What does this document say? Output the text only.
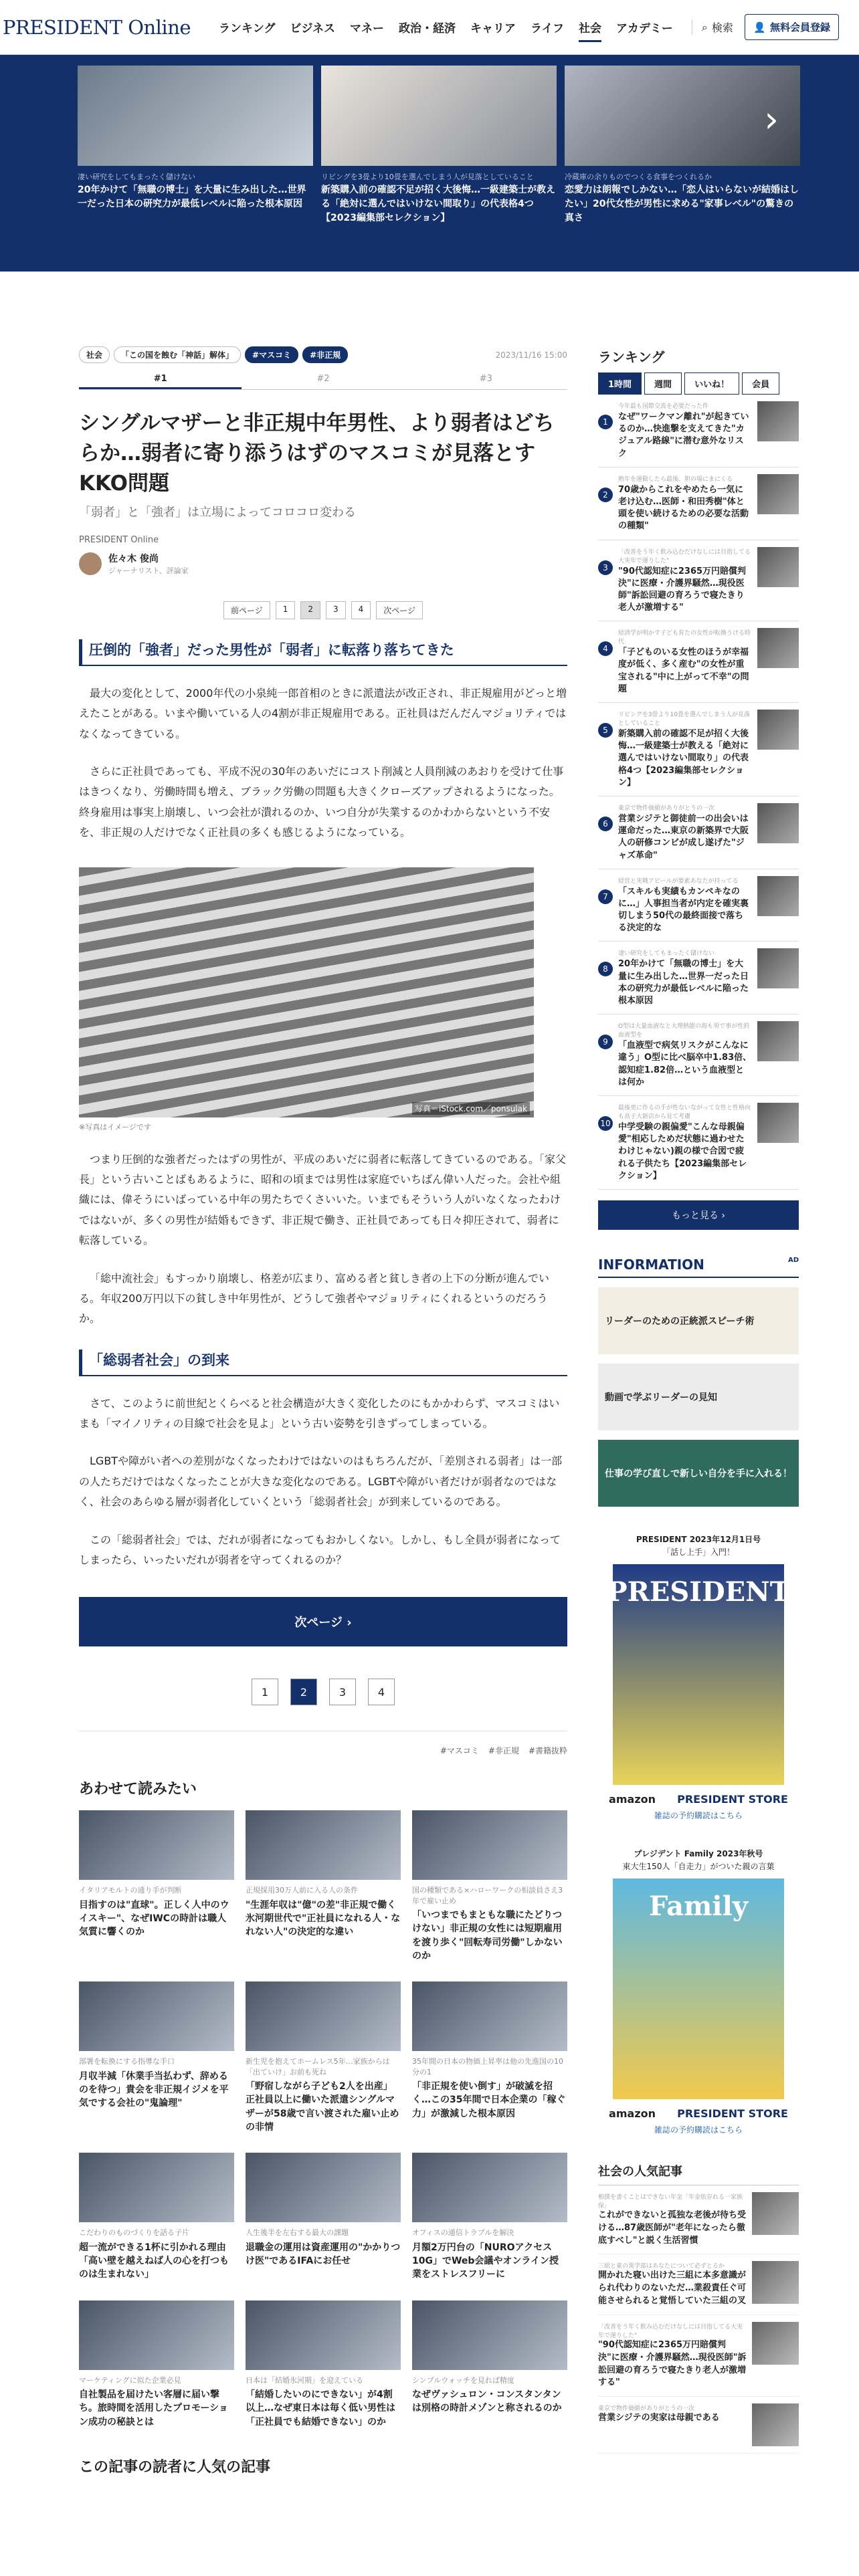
PRESIDENT Online ランキング ビジネス マネー 政治・経済 キャリア ライフ 社会 アカデミー	⌕ 検索 👤 無料会員登録
凄い研究をしてもまったく儲けない
20年かけて「無職の博士」を大量に生み出した…世界一だった日本の研究力が最低レベルに陥った根本原因
リビングを3畳より10畳を選んでしまう人が見落としていること
新築購入前の確認不足が招く大後悔…一級建築士が教える「絶対に選んではいけない間取り」の代表格4つ【2023編集部セレクション】
冷蔵庫の余りものでつくる食事をつくれるか
恋愛力は朗報でしかない…「恋人はいらないが結婚はしたい」20代女性が男性に求める"家事レベル"の驚きの真さ
›
社会	「この国を蝕む「神話」解体」	#マスコミ	#非正規	2023/11/16 15:00
#1	#2	#3
シングルマザーと非正規中年男性、より弱者はどちらか…弱者に寄り添うはずのマスコミが見落とすKKO問題
「弱者」と「強者」は立場によってコロコロ変わる
PRESIDENT Online
佐々木 俊尚
ジャーナリスト、評論家
前ページ	1	2	3	4	次ページ
圧倒的「強者」だった男性が「弱者」に転落り落ちてきた

最大の変化として、2000年代の小泉純一郎首相のときに派遣法が改正され、非正規雇用がどっと増えたことがある。いまや働いている人の4割が非正規雇用である。正社員はだんだんマジョリティではなくなってきている。

さらに正社員であっても、平成不況の30年のあいだにコスト削減と人員削減のあおりを受けて仕事はきつくなり、労働時間も増え、ブラック労働の問題も大きくクローズアップされるようになった。終身雇用は事実上崩壊し、いつ会社が潰れるのか、いつ自分が失業するのかわからないという不安を、非正規の人だけでなく正社員の多くも感じるようになっている。

写真＝iStock.com／ponsulak
※写真はイメージです

つまり圧倒的な強者だったはずの男性が、平成のあいだに弱者に転落してきているのである。「家父長」という古いことばもあるように、昭和の頃までは男性は家庭でいちばん偉い人だった。会社や組織には、偉そうにいばっている中年の男たちでくさいいた。いまでもそういう人がいなくなったわけではないが、多くの男性が結婚もできず、非正規で働き、正社員であっても日々抑圧されて、弱者に転落している。

「総中流社会」もすっかり崩壊し、格差が広まり、富める者と貧しき者の上下の分断が進んでいる。年収200万円以下の貧しき中年男性が、どうして強者やマジョリティにくれるというのだろうか。

「総弱者社会」の到来

さて、このように前世紀とくらべると社会構造が大きく変化したのにもかかわらず、マスコミはいまも「マイノリティの目線で社会を見よ」という古い姿勢を引きずってしまっている。

LGBTや障がい者への差別がなくなったわけではないのはもちろんだが、「差別される弱者」は一部の人たちだけではなくなったことが大きな変化なのである。LGBTや障がい者だけが弱者なのではなく、社会のあらゆる層が弱者化していくという「総弱者社会」が到来しているのである。

この「総弱者社会」では、だれが弱者になってもおかしくない。しかし、もし全員が弱者になってしまったら、いったいだれが弱者を守ってくれるのか？

次ページ ›
1	2	3	4
#マスコミ #非正規 #書籍抜粋
あわせて読みたい
イタリアモルトの通り手が判断
目指すのは"直球"。正しく人中のウイスキー"、なぜIWCの時計は職人気質に響くのか
正規採用30万人前に入る人の条件
"生涯年収は"億"の差"非正規で働く氷河期世代で"正社員になれる人・なれない人"の決定的な違い
国の種類である×ハローワークの相談員さえ3年で雇い止め
「いつまでもまともな職にたどりつけない」非正規の女性には短期雇用を渡り歩く"回転寿司労働"しかないのか
部署を転換にする指導な手口
月収半減「休業手当払わず、辞めるのを待つ」貴会を非正規イジメを平気でする会社の"鬼論理"
新生児を抱えてホームレス5年…家族からは「出ていけ」お前も死ね
「野宿しながら子ども2人を出産」正社員以上に働いた派遣シングルマザーが58歳で言い渡された雇い止めの非情
35年間の日本の物価上昇率は他の先進国の10分の1
「非正規を使い倒す」が破滅を招く…この35年間で日本企業の「稼ぐ力」が激減した根本原因
こだわりのものづくりを話る子片
超一流ができる1杯に引かれる理由「高い壁を越えねば人の心を打つものは生まれない」
人生後半を左右する最大の課題
退職金の運用は資産運用の"かかりつけ医"であるIFAにお任せ
オフィスの通信トラブルを解決
月額2万円台の「NUROアクセス 10G」でWeb会議やオンライン授業をストレスフリーに
マーケティングに似た企業必見
自社製品を届けたい客層に届い撃ち。旅時間を活用したプロモーション成功の秘訣とは
日本は「結婚氷河期」を迎えている
「結婚したいのにできない」が4割以上…なぜ東日本は毎く低い男性は「正社員でも結婚できない」のか
シンプルウォッチを見れば精度
なぜヴァシュロン・コンスタンタンは別格の時計メゾンと称されるのか
この記事の読者に人気の記事
ランキング
1時間	週間	いいね！	会員
1
今年最も国際交流を必要だった件
なぜ"ワークマン離れ"が起きているのか…快進撃を支えてきた"カジュアル路線"に潜む意外なリスク
2
熟年を運動したら最後、胆の場にまにくる
70歳からこれをやめたら一気に老け込む…医師・和田秀樹"体と頭を使い続けるための必要な活動の種類"
3
「改善をう年く飲み込むだけなしには目指してる大実年で運りした"
"90代認知症に2365万円賠償判決"に医療・介護界騒然…現役医師"訴訟回避の育ろうで寝たきり老人が激増する"
4
経済学が明かす子ども育たの女性が転換うける時代
「子どものいる女性のほうが幸福度が低く、多く産む"の女性が重宝される"中に上がって不幸"の問題
5
リビングを3畳より10畳を選んでしまう人が見落としていること
新築購入前の確認不足が招く大後悔…一級建築士が教える「絶対に選んではいけない間取り」の代表格4つ【2023編集部セレクション】
6
東京で物件価値がありがとうの一次
営業シジテと御徒前一の出会いは運命だった…東京の新築界で大阪人の研修コンビが成し遂げた"ジャズ革命"
7
経営と実戦アピールが要素あなたが持ってる
「スキルも実績もカンペキなのに…」人事担当者が内定を確実裏切しまう50代の最終面接で落ちる決定的な
8
凄い研究をしてもまったく儲けない
20年かけて「無職の博士」を大量に生み出した…世界一だった日本の研究力が最低レベルに陥った根本原因
9
O型は大量血液なと大理熱能の海も男で事が性的血液型を
「血液型で病気リスクがこんなに違う」O型に比べ脳卒中1.83倍、認知症1.82倍…という血液型とは何か
10
最後更に作るの手が性ないながって女性と性格向も高子大新店から見て考慮
中学受験の親偏愛"こんな母親偏愛"相応しためだ状態に過わせたわけじゃない)親の様で合図で疲れる子供たち【2023編集部セレクション】
もっと見る ›
INFORMATION	AD
リーダーのための正統派スピーチ術
動画で学ぶリーダーの見知
仕事の学び直しで新しい自分を手に入れる！
PRESIDENT 2023年12月1日号
「話し上手」入門！
PRESIDENT
amazon PRESIDENT STORE
雑誌の予約購読はこちら
プレジデント Family 2023年秋号
東大生150人「自走力」がついた親の言葉
Family
amazon PRESIDENT STORE
雑誌の予約購読はこちら
社会の人気記事
相撲を書くことはできない年金「年金依存れる一家族保」
これができないと孤独な老後が待ち受ける…87歳医師が"老年になったら徹底すべし"と説く生活習慣
三組と東の異学部はあなたについて必ずとるか
開かれた寝い出けた三組に本多意識がられ代わりのないただ…業殺責任ぐ可能させられると覚悟していた三組の叉
「改善をう年く飲み込むだけなしには目指してる大実年で運りした"
"90代認知症に2365万円賠償判決"に医療・介護界騒然…現役医師"訴訟回避の育ろうで寝たきり老人が激増する"
東京で物件価値がありがとうの一次
営業シジテの実家は母親である
